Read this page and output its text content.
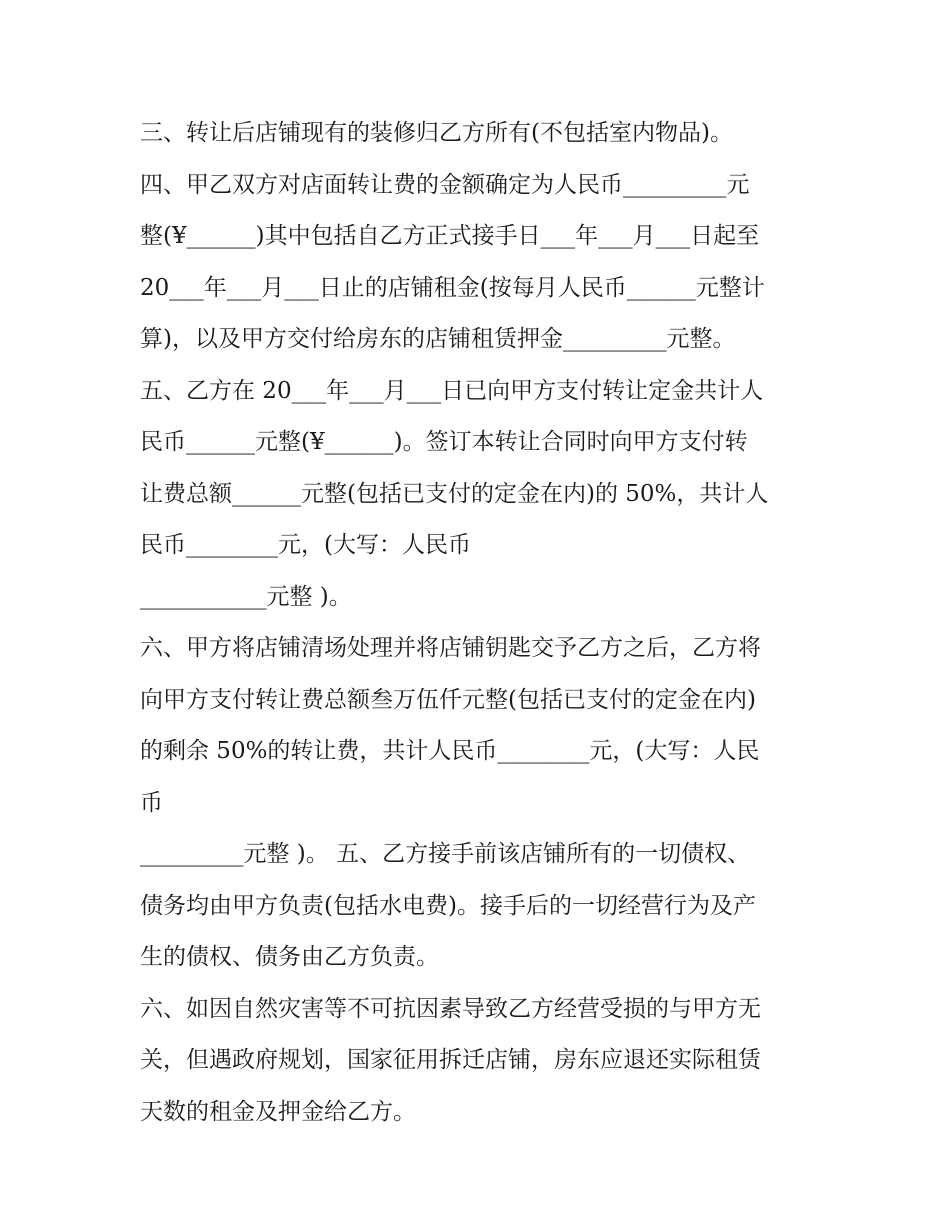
三、转让后店铺现有的装修归乙方所有(不包括室内物品)。
四、甲乙双方对店面转让费的金额确定为人民币_________元
整(¥______)其中包括自乙方正式接手日___年___月___日起至
20___年___月___日止的店铺租金(按每月人民币______元整计
算)，以及甲方交付给房东的店铺租赁押金_________元整。
五、乙方在 20___年___月___日已向甲方支付转让定金共计人
民币______元整(¥______)。签订本转让合同时向甲方支付转
让费总额______元整(包括已支付的定金在内)的 50%，共计人
民币________元，(大写：人民币
___________元整 )。
六、甲方将店铺清场处理并将店铺钥匙交予乙方之后，乙方将
向甲方支付转让费总额叁万伍仟元整(包括已支付的定金在内)
的剩余 50%的转让费，共计人民币________元，(大写：人民
币
_________元整 )。 五、乙方接手前该店铺所有的一切债权、
债务均由甲方负责(包括水电费)。接手后的一切经营行为及产
生的债权、债务由乙方负责。
六、如因自然灾害等不可抗因素导致乙方经营受损的与甲方无
关，但遇政府规划，国家征用拆迁店铺，房东应退还实际租赁
天数的租金及押金给乙方。
